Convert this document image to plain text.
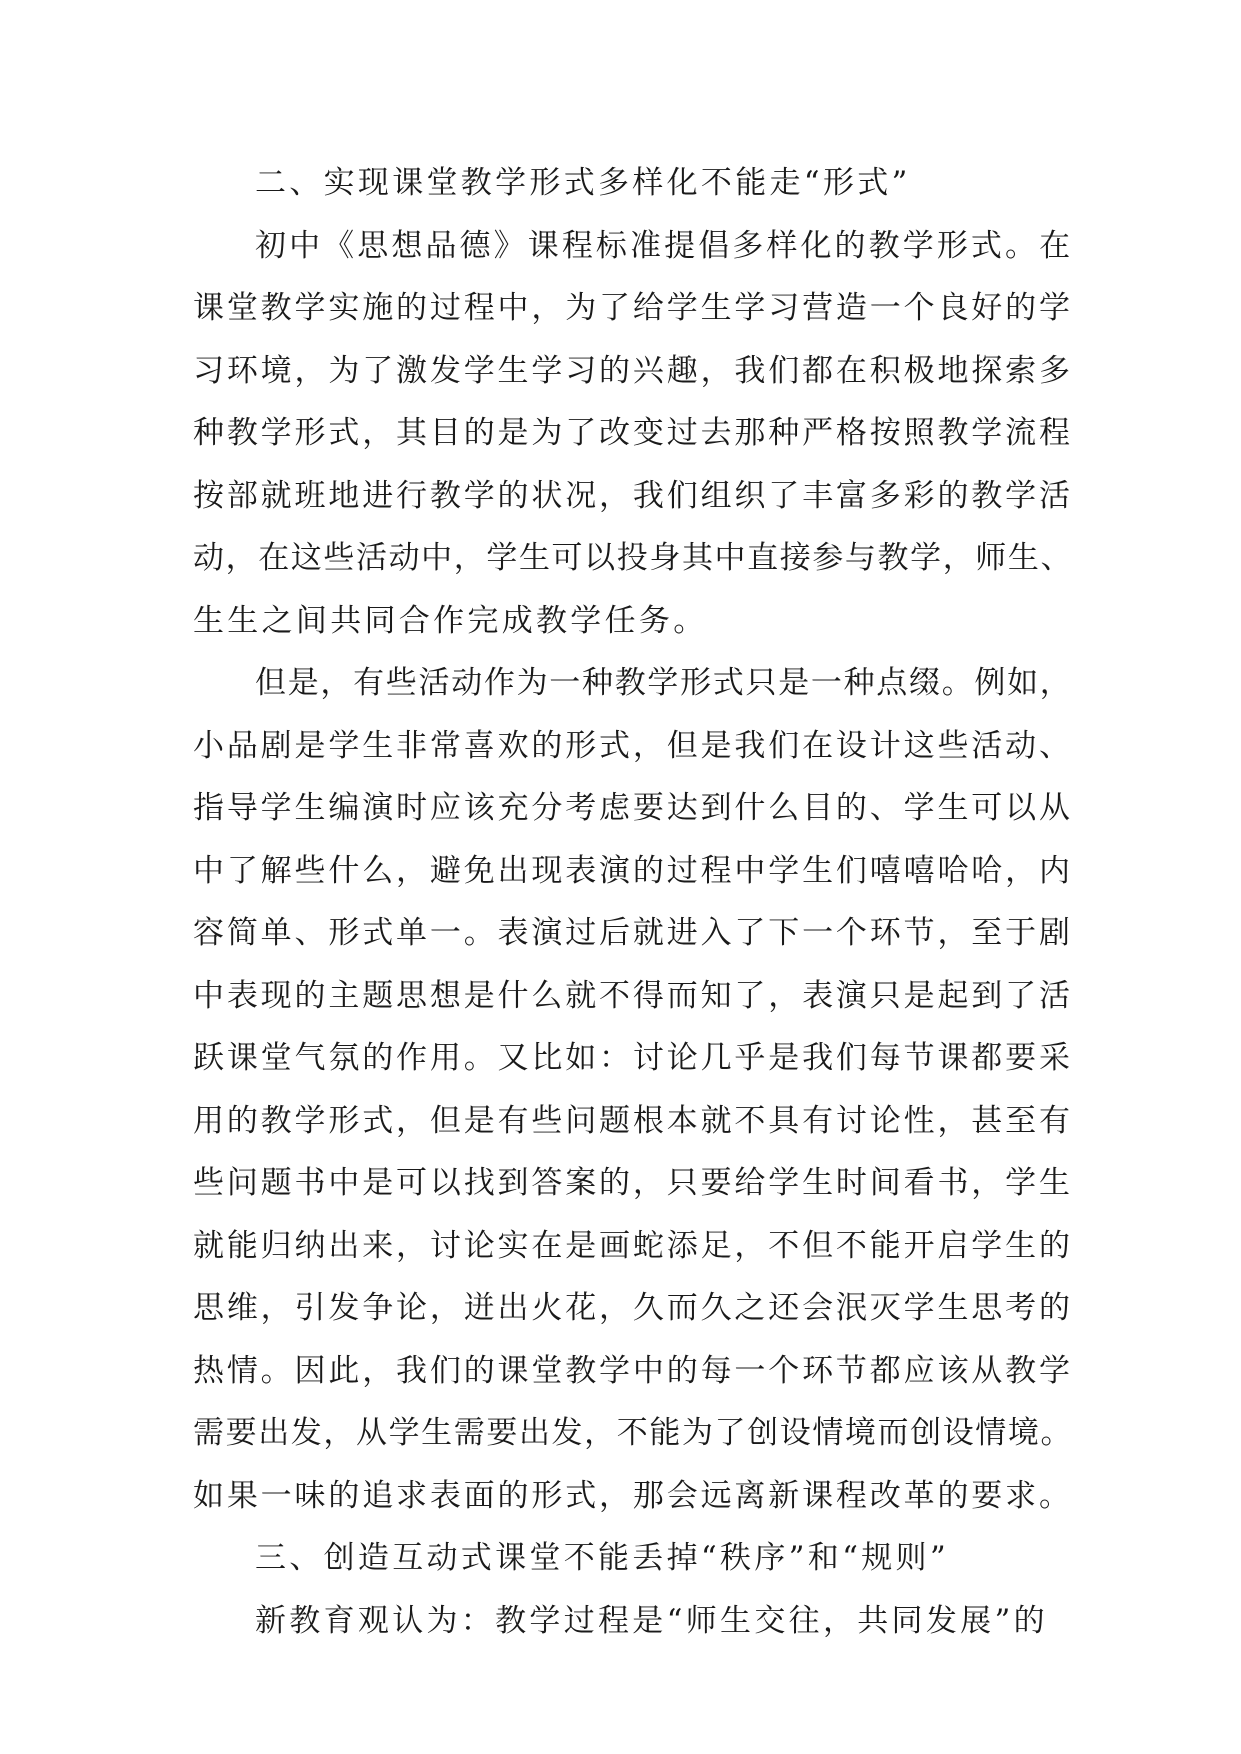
二、实现课堂教学形式多样化不能走“形式”
初中《思想品德》课程标准提倡多样化的教学形式。在
课堂教学实施的过程中，为了给学生学习营造一个良好的学
习环境，为了激发学生学习的兴趣，我们都在积极地探索多
种教学形式，其目的是为了改变过去那种严格按照教学流程
按部就班地进行教学的状况，我们组织了丰富多彩的教学活
动，在这些活动中，学生可以投身其中直接参与教学，师生、
生生之间共同合作完成教学任务。
但是，有些活动作为一种教学形式只是一种点缀。例如，
小品剧是学生非常喜欢的形式，但是我们在设计这些活动、
指导学生编演时应该充分考虑要达到什么目的、学生可以从
中了解些什么，避免出现表演的过程中学生们嘻嘻哈哈，内
容简单、形式单一。表演过后就进入了下一个环节，至于剧
中表现的主题思想是什么就不得而知了，表演只是起到了活
跃课堂气氛的作用。又比如：讨论几乎是我们每节课都要采
用的教学形式，但是有些问题根本就不具有讨论性，甚至有
些问题书中是可以找到答案的，只要给学生时间看书，学生
就能归纳出来，讨论实在是画蛇添足，不但不能开启学生的
思维，引发争论，迸出火花，久而久之还会泯灭学生思考的
热情。因此，我们的课堂教学中的每一个环节都应该从教学
需要出发，从学生需要出发，不能为了创设情境而创设情境。
如果一味的追求表面的形式，那会远离新课程改革的要求。
三、创造互动式课堂不能丢掉“秩序”和“规则”
新教育观认为：教学过程是“师生交往，共同发展”的
